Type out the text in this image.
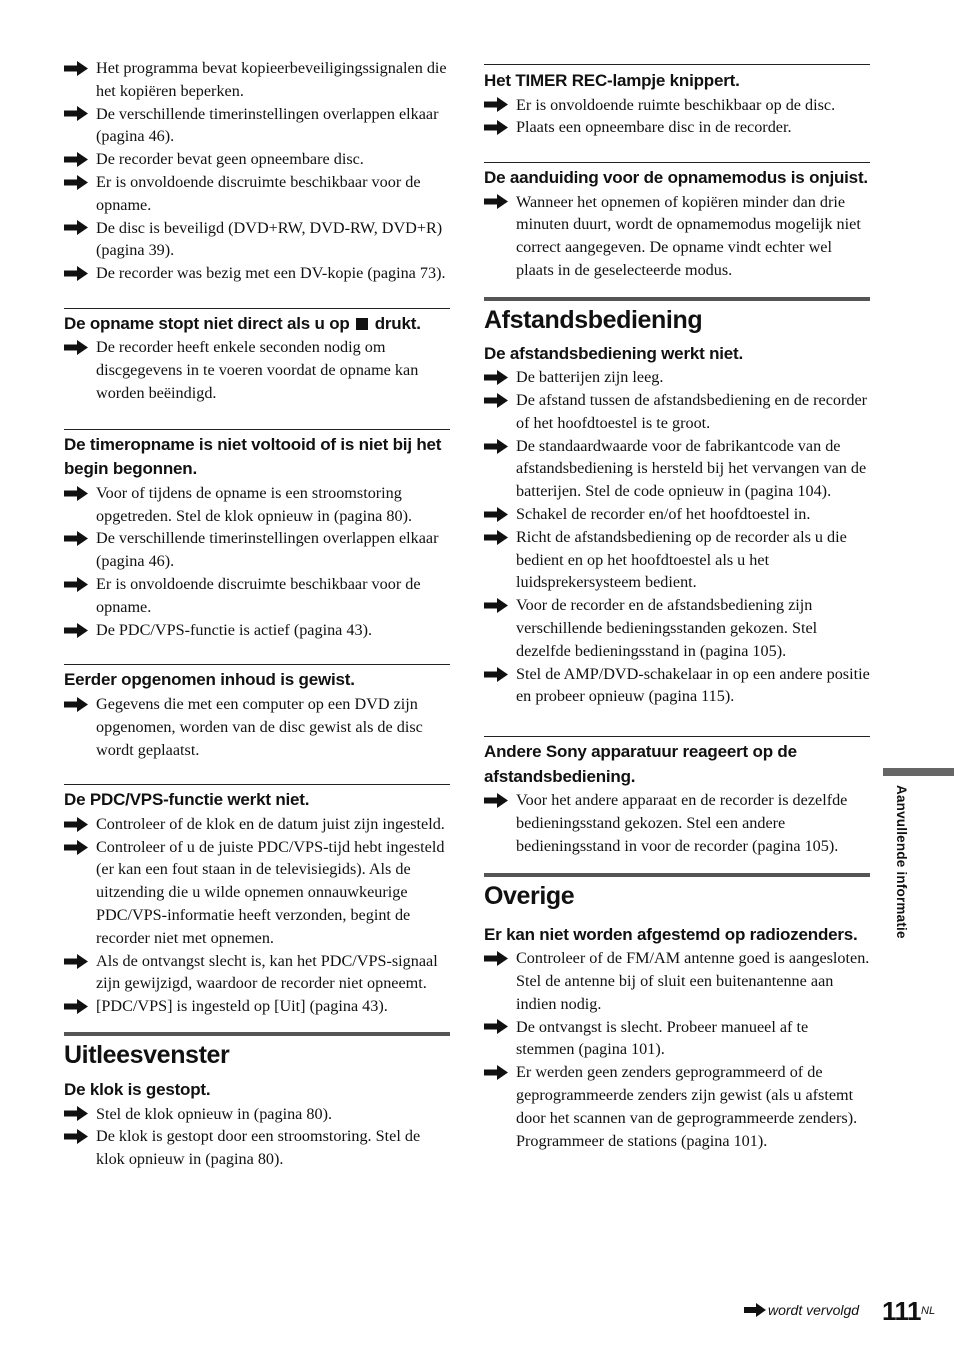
Het programma bevat kopieerbeveiligingssignalen die het kopiëren beperken.
De verschillende timerinstellingen overlappen elkaar (pagina 46).
De recorder bevat geen opneembare disc.
Er is onvoldoende discruimte beschikbaar voor de opname.
De disc is beveiligd (DVD+RW, DVD-RW, DVD+R) (pagina 39).
De recorder was bezig met een DV-kopie (pagina 73).
De opname stopt niet direct als u op drukt.
De recorder heeft enkele seconden nodig om discgegevens in te voeren voordat de opname kan worden beëindigd.
De timeropname is niet voltooid of is niet bij het begin begonnen.
Voor of tijdens de opname is een stroomstoring opgetreden. Stel de klok opnieuw in (pagina 80).
De verschillende timerinstellingen overlappen elkaar (pagina 46).
Er is onvoldoende discruimte beschikbaar voor de opname.
De PDC/VPS-functie is actief (pagina 43).
Eerder opgenomen inhoud is gewist.
Gegevens die met een computer op een DVD zijn opgenomen, worden van de disc gewist als de disc wordt geplaatst.
De PDC/VPS-functie werkt niet.
Controleer of de klok en de datum juist zijn ingesteld.
Controleer of u de juiste PDC/VPS-tijd hebt ingesteld (er kan een fout staan in de televisiegids). Als de uitzending die u wilde opnemen onnauwkeurige PDC/VPS-informatie heeft verzonden, begint de recorder niet met opnemen.
Als de ontvangst slecht is, kan het PDC/VPS-signaal zijn gewijzigd, waardoor de recorder niet opneemt.
[PDC/VPS] is ingesteld op [Uit] (pagina 43).
Uitleesvenster
De klok is gestopt.
Stel de klok opnieuw in (pagina 80).
De klok is gestopt door een stroomstoring. Stel de klok opnieuw in (pagina 80).
Het TIMER REC-lampje knippert.
Er is onvoldoende ruimte beschikbaar op de disc.
Plaats een opneembare disc in de recorder.
De aanduiding voor de opnamemodus is onjuist.
Wanneer het opnemen of kopiëren minder dan drie minuten duurt, wordt de opnamemodus mogelijk niet correct aangegeven. De opname vindt echter wel plaats in de geselecteerde modus.
Afstandsbediening
De afstandsbediening werkt niet.
De batterijen zijn leeg.
De afstand tussen de afstandsbediening en de recorder of het hoofdtoestel is te groot.
De standaardwaarde voor de fabrikantcode van de afstandsbediening is hersteld bij het vervangen van de batterijen. Stel de code opnieuw in (pagina 104).
Schakel de recorder en/of het hoofdtoestel in.
Richt de afstandsbediening op de recorder als u die bedient en op het hoofdtoestel als u het luidsprekersysteem bedient.
Voor de recorder en de afstandsbediening zijn verschillende bedieningsstanden gekozen. Stel dezelfde bedieningsstand in (pagina 105).
Stel de AMP/DVD-schakelaar in op een andere positie en probeer opnieuw (pagina 115).
Andere Sony apparatuur reageert op de afstandsbediening.
Voor het andere apparaat en de recorder is dezelfde bedieningsstand gekozen. Stel een andere bedieningsstand in voor de recorder (pagina 105).
Overige
Er kan niet worden afgestemd op radiozenders.
Controleer of de FM/AM antenne goed is aangesloten. Stel de antenne bij of sluit een buitenantenne aan indien nodig.
De ontvangst is slecht. Probeer manueel af te stemmen (pagina 101).
Er werden geen zenders geprogrammeerd of de geprogrammeerde zenders zijn gewist (als u afstemt door het scannen van de geprogrammeerde zenders). Programmeer de stations (pagina 101).
Aanvullende informatie
wordt vervolgd 111 NL
